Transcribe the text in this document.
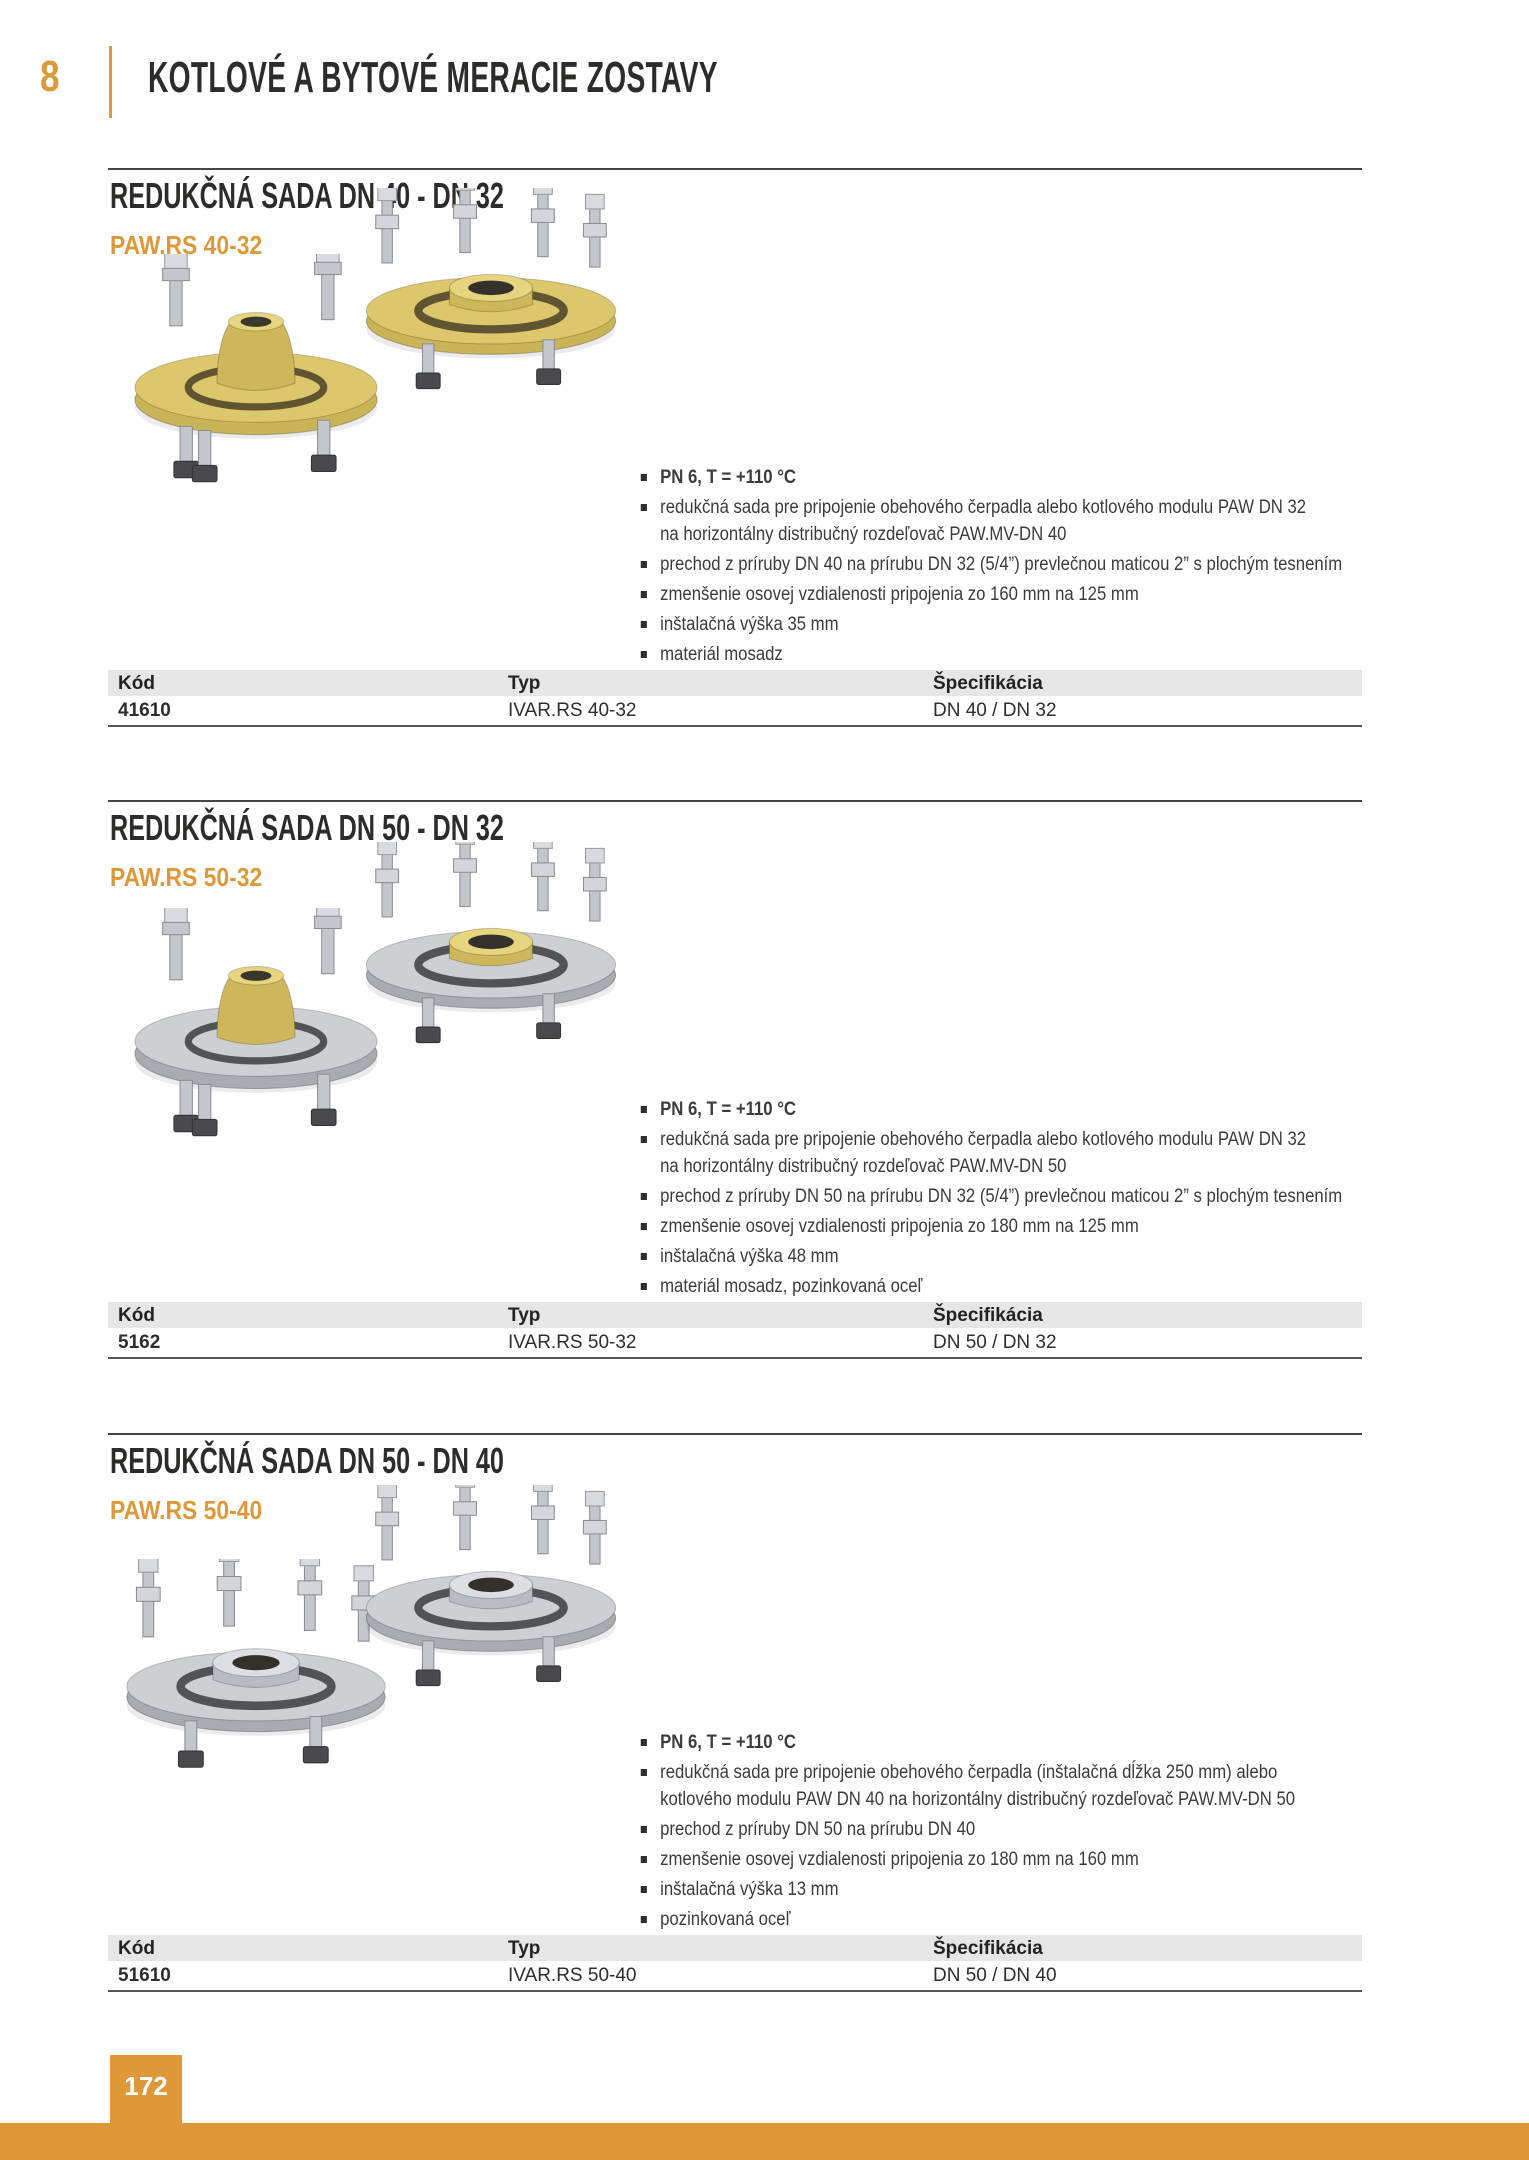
8 KOTLOVÉ A BYTOVÉ MERACIE ZOSTAVY
REDUKČNÁ SADA DN 40 - DN 32
PAW.RS 40-32
PN 6, T = +110 °C
redukčná sada pre pripojenie obehového čerpadla alebo kotlového modulu PAW DN 32
na horizontálny distribučný rozdeľovač PAW.MV-DN 40
prechod z príruby DN 40 na prírubu DN 32 (5/4”) prevlečnou maticou 2” s plochým tesnením
zmenšenie osovej vzdialenosti pripojenia zo 160 mm na 125 mm
inštalačná výška 35 mm
materiál mosadz
Kód	Typ	Špecifikácia
41610	IVAR.RS 40-32	DN 40 / DN 32
REDUKČNÁ SADA DN 50 - DN 32
PAW.RS 50-32
PN 6, T = +110 °C
redukčná sada pre pripojenie obehového čerpadla alebo kotlového modulu PAW DN 32
na horizontálny distribučný rozdeľovač PAW.MV-DN 50
prechod z príruby DN 50 na prírubu DN 32 (5/4”) prevlečnou maticou 2” s plochým tesnením
zmenšenie osovej vzdialenosti pripojenia zo 180 mm na 125 mm
inštalačná výška 48 mm
materiál mosadz, pozinkovaná oceľ
Kód	Typ	Špecifikácia
5162	IVAR.RS 50-32	DN 50 / DN 32
REDUKČNÁ SADA DN 50 - DN 40
PAW.RS 50-40
PN 6, T = +110 °C
redukčná sada pre pripojenie obehového čerpadla (inštalačná dĺžka 250 mm) alebo
kotlového modulu PAW DN 40 na horizontálny distribučný rozdeľovač PAW.MV-DN 50
prechod z príruby DN 50 na prírubu DN 40
zmenšenie osovej vzdialenosti pripojenia zo 180 mm na 160 mm
inštalačná výška 13 mm
pozinkovaná oceľ
Kód	Typ	Špecifikácia
51610	IVAR.RS 50-40	DN 50 / DN 40
172
